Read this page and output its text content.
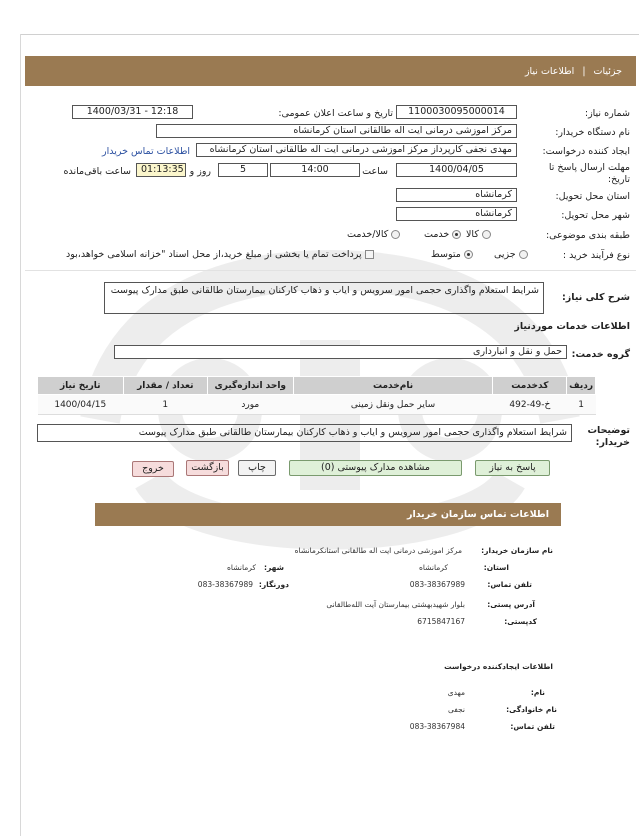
جزئیات
|
اطلاعات نیاز
شماره نیاز:
1100030095000014
تاریخ و ساعت اعلان عمومی:
1400/03/31 - 12:18
نام دستگاه خریدار:
مرکز اموزشی درمانی ایت اله طالقانی استان کرمانشاه
ایجاد کننده درخواست:
مهدی نجفی کارپرداز مرکز اموزشی درمانی ایت اله طالقانی استان کرمانشاه
اطلاعات تماس خریدار
مهلت ارسال پاسخ تا تاریخ:
1400/04/05
ساعت
14:00
5
روز و
01:13:35
ساعت باقی‌مانده
استان محل تحویل:
کرمانشاه
شهر محل تحویل:
کرمانشاه
طبقه بندی موضوعی:
کالا
خدمت
کالا/خدمت
نوع فرآیند خرید :
جزیی
متوسط
پرداخت تمام یا بخشی از مبلغ خرید،از محل اسناد "خزانه اسلامی خواهد،بود
شرح کلی نیاز:
شرایط استعلام واگذاری حجمی امور سرویس و ایاب و ذهاب کارکنان بیمارستان طالقانی طبق مدارک پیوست
اطلاعات خدمات مورد‌نیاز
گروه خدمت:
حمل و نقل و انبارداری
ردیف	کدخدمت	نام‌خدمت	واحد اندازه‌گیری	تعداد / مقدار	تاریخ نیاز
1	خ-49-492	سایر حمل ونقل زمینی	مورد	1	1400/04/15
توضیحات خریدار:
شرایط استعلام واگذاری حجمی امور سرویس و ایاب و ذهاب کارکنان بیمارستان طالقانی طبق مدارک پیوست
پاسخ به نیاز
مشاهده مدارک پیوستی (0)
چاپ
بازگشت
خروج
اطلاعات تماس سازمان خریدار
نام سازمان خریدار:
مرکز اموزشی درمانی ایت اله طالقانی استانکرمانشاه
استان:
کرمانشاه
شهر:
کرمانشاه
تلفن تماس:
083-38367989
دورنگار:
083-38367989
آدرس پستی:
بلوار شهیدبهشتی بیمارستان آیت الله‌طالقانی
کدپستی:
6715847167
اطلاعات ایجادکننده درخواست
نام:
مهدی
نام خانوادگی:
نجفی
تلفن تماس:
083-38367984
